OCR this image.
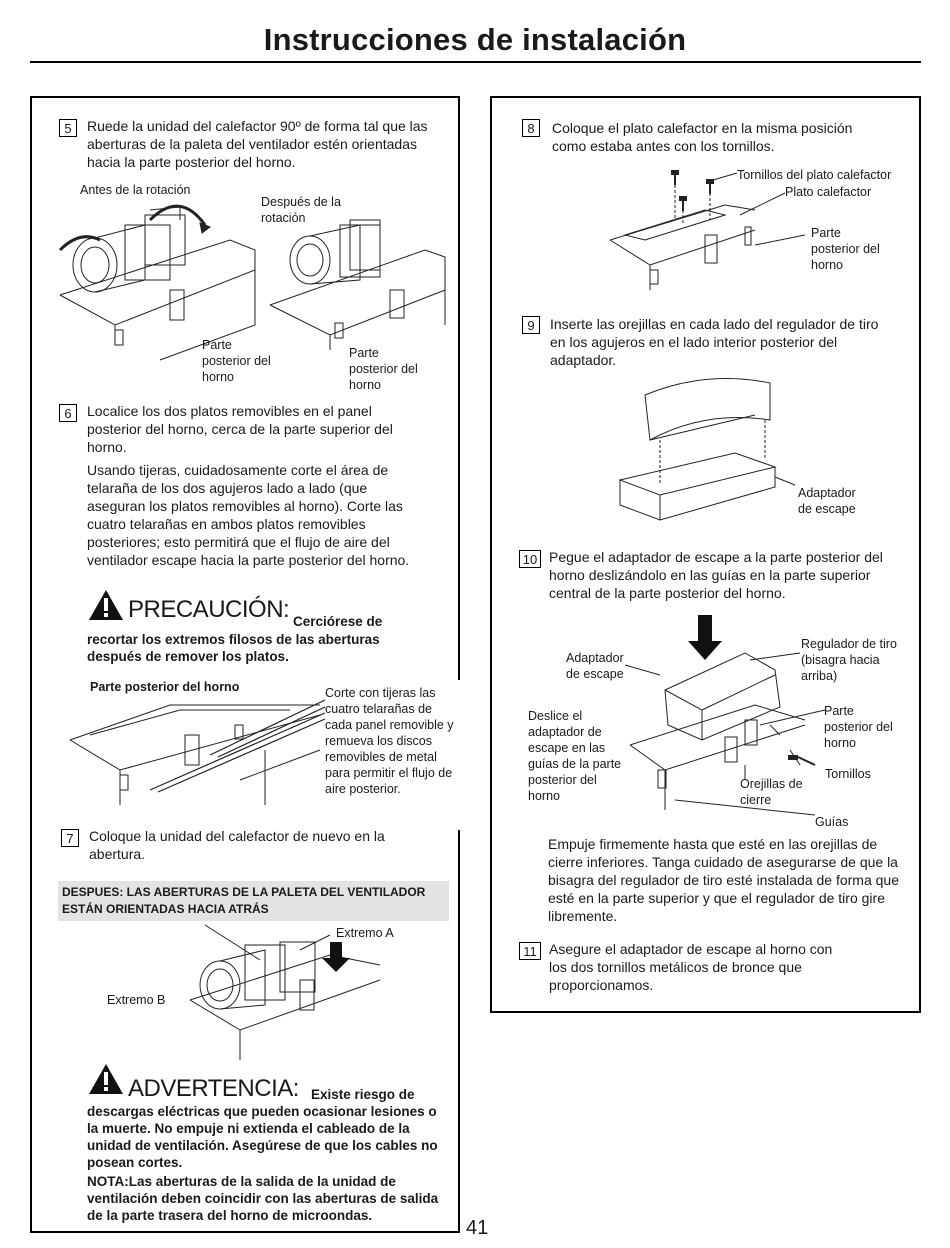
Instrucciones de instalación
5	Ruede la unidad del calefactor 90º de forma tal que las aberturas de la paleta del ventilador estén orientadas hacia la parte posterior del horno.
Antes de la rotación
Después de la rotación
Parte posterior del horno
Parte posterior del horno
6	Localice los dos platos removibles en el panel posterior del horno, cerca de la parte superior del horno.
Usando tijeras, cuidadosamente corte el área de telaraña de los dos agujeros lado a lado (que aseguran los platos removibles al horno). Corte las cuatro telarañas en ambos platos removibles posteriores; esto permitirá que el flujo de aire del ventilador escape hacia la parte posterior del horno.
PRECAUCIÓN: Cerciórese de
recortar los extremos filosos de las aberturas después de remover los platos.
Parte posterior del horno	Corte con tijeras las cuatro telarañas de cada panel removible y remueva los discos removibles de metal para permitir el flujo de aire posterior.
7	Coloque la unidad del calefactor de nuevo en la abertura.
DESPUES: LAS ABERTURAS DE LA PALETA DEL VENTILADOR ESTÁN ORIENTADAS HACIA ATRÁS
Extremo A
Extremo B
ADVERTENCIA: Existe riesgo de
descargas eléctricas que pueden ocasionar lesiones o la muerte. No empuje ni extienda el cableado de la unidad de ventilación. Asegúrese de que los cables no posean cortes.
NOTA:Las aberturas de la salida de la unidad de ventilación deben coincidir con las aberturas de salida de la parte trasera del horno de microondas.
41
8	Coloque el plato calefactor en la misma posición como estaba antes con los tornillos.
Tornillos del plato calefactor
Plato calefactor
Parte posterior del horno
9	Inserte las orejillas en cada lado del regulador de tiro en los agujeros en el lado interior posterior del adaptador.
Adaptador de escape
10 Pegue el adaptador de escape a la parte posterior del horno deslizándolo en las guías en la parte superior central de la parte posterior del horno.
Adaptador de escape
Regulador de tiro (bisagra hacia arriba)
Deslice el adaptador de escape en las guías de la parte posterior del horno
Parte posterior del horno
Tornillos
Orejillas de cierre
Guías
Empuje firmemente hasta que esté en las orejillas de cierre inferiores. Tanga cuidado de asegurarse de que la bisagra del regulador de tiro esté instalada de forma que esté en la parte superior y que el regulador de tiro gire libremente.
11 Asegure el adaptador de escape al horno con los dos tornillos metálicos de bronce que proporcionamos.
